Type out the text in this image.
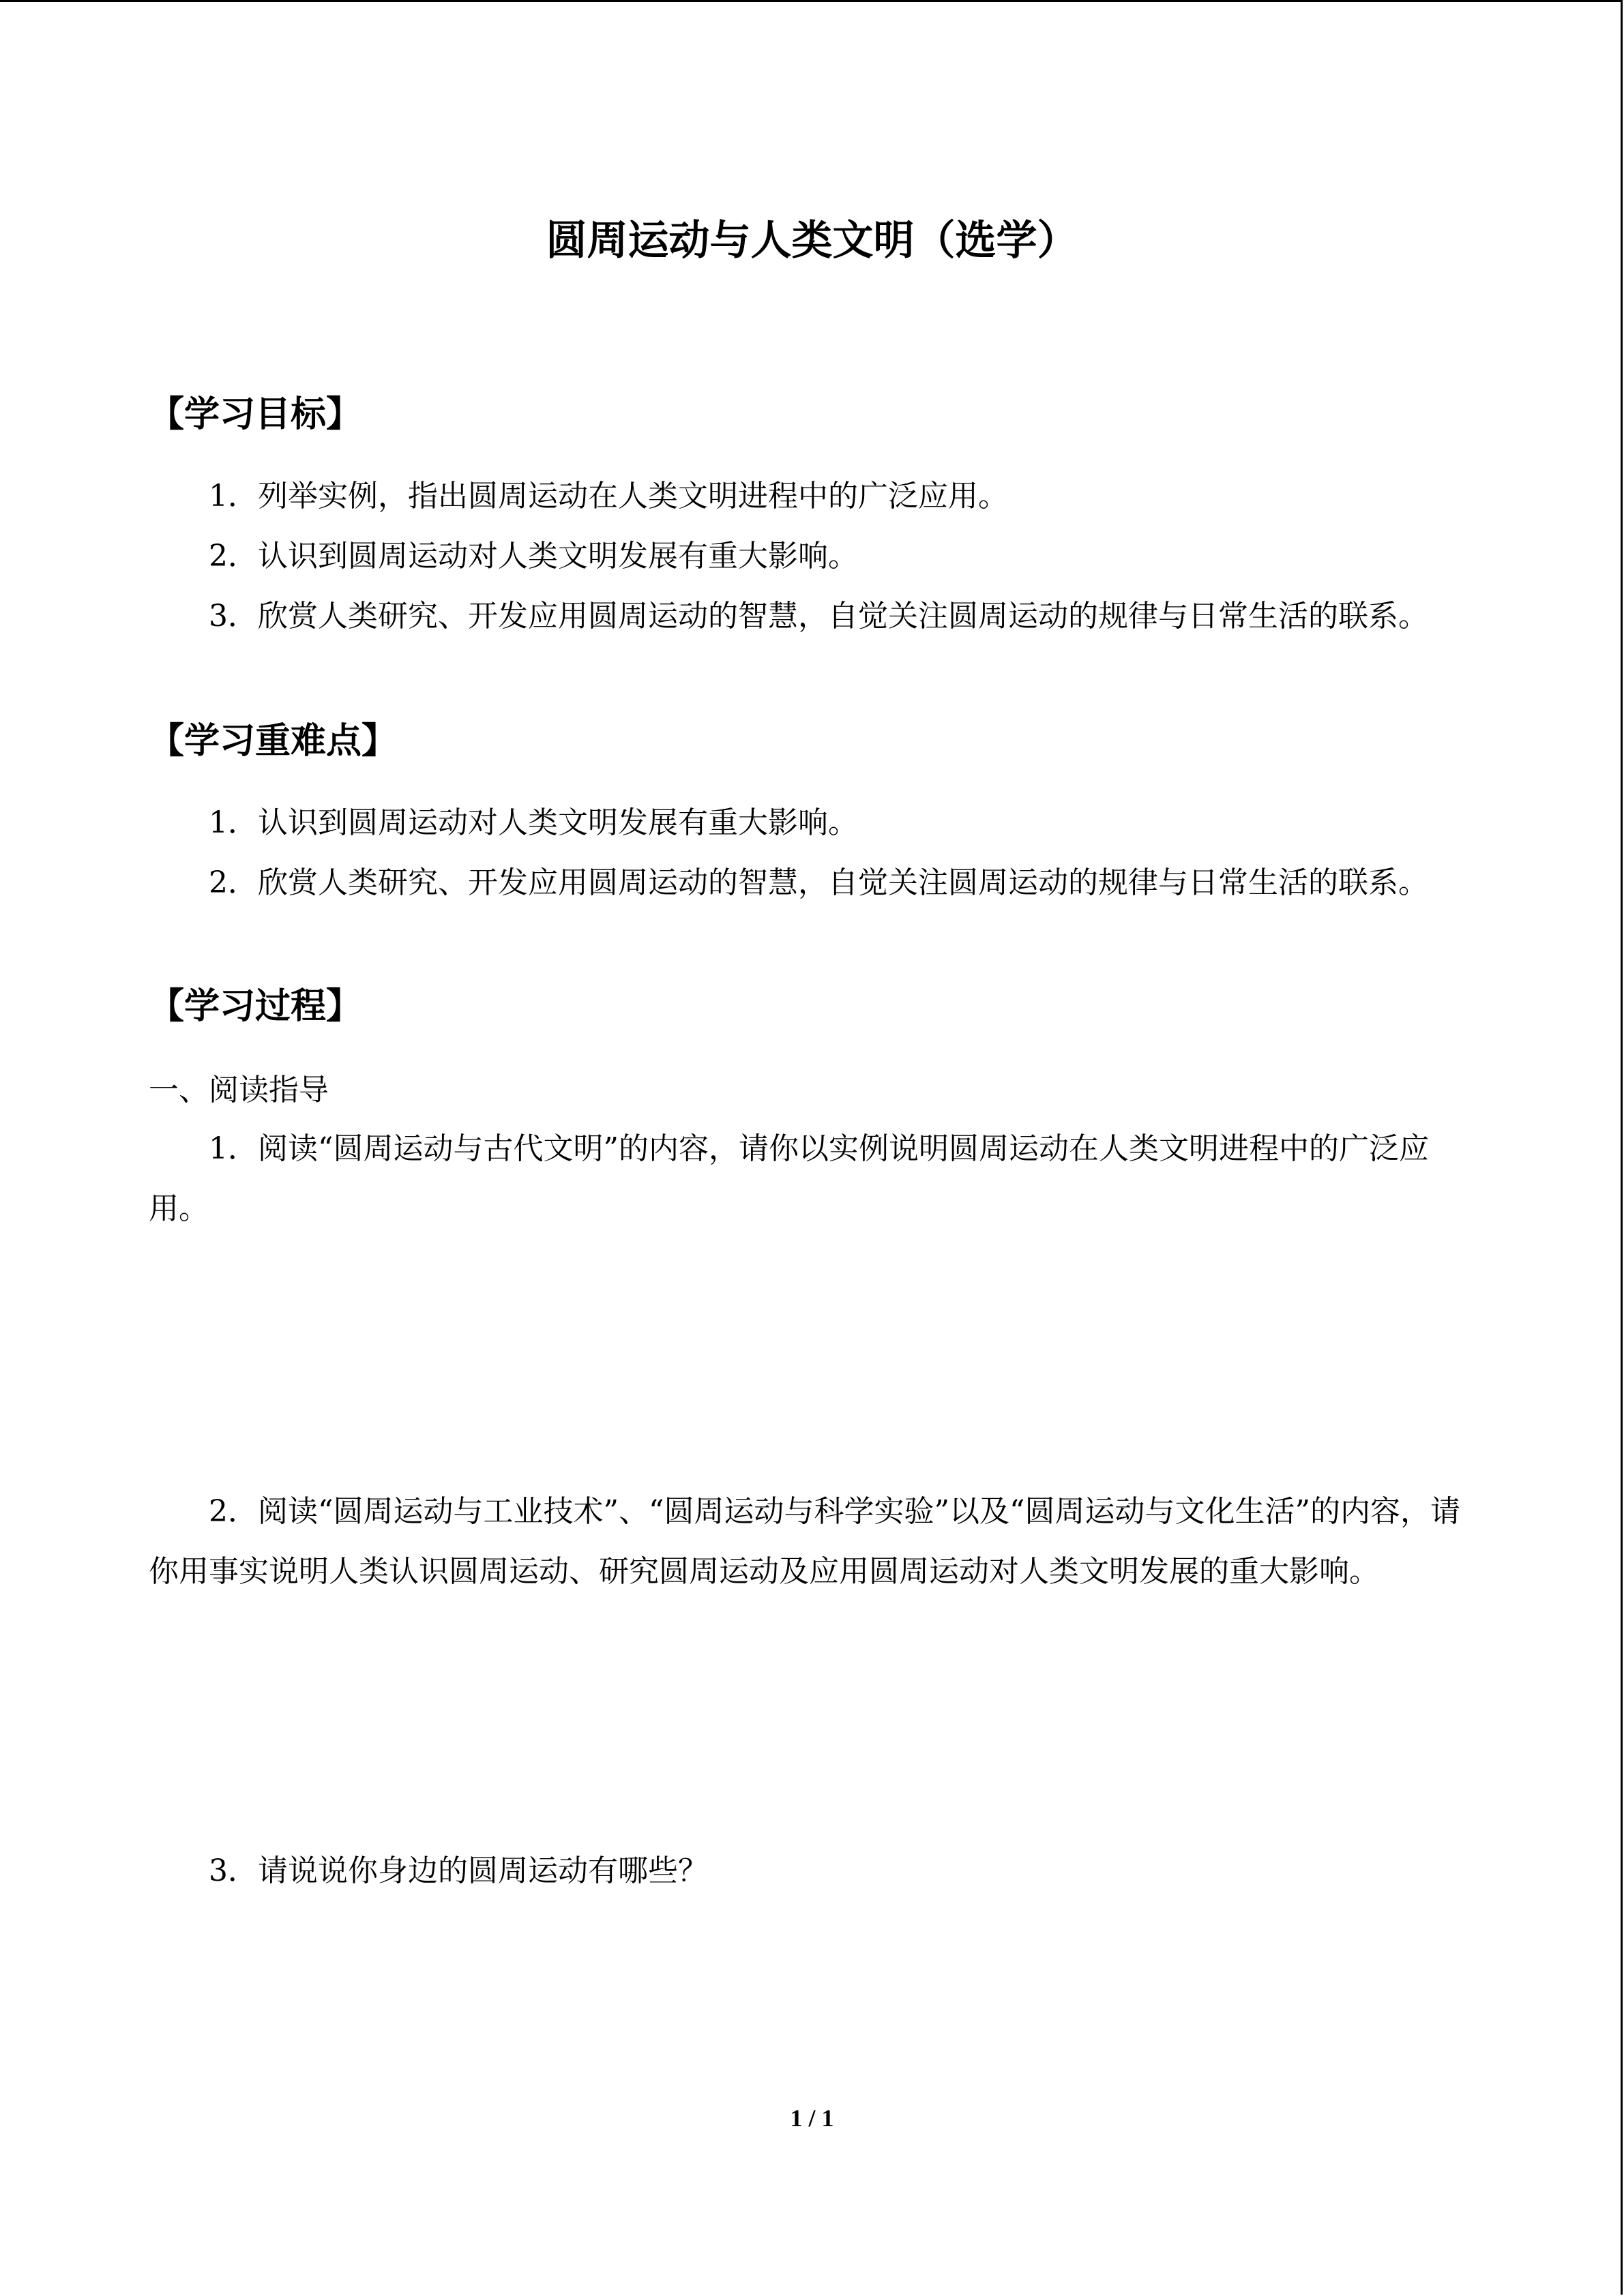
圆周运动与人类文明（选学）
【学习目标】
1．列举实例，指出圆周运动在人类文明进程中的广泛应用。
2．认识到圆周运动对人类文明发展有重大影响。
3．欣赏人类研究、开发应用圆周运动的智慧，自觉关注圆周运动的规律与日常生活的联系。
【学习重难点】
1．认识到圆周运动对人类文明发展有重大影响。
2．欣赏人类研究、开发应用圆周运动的智慧，自觉关注圆周运动的规律与日常生活的联系。
【学习过程】
一、阅读指导
1．阅读“圆周运动与古代文明”的内容，请你以实例说明圆周运动在人类文明进程中的广泛应用。
2．阅读“圆周运动与工业技术”、“圆周运动与科学实验”以及“圆周运动与文化生活”的内容，请你用事实说明人类认识圆周运动、研究圆周运动及应用圆周运动对人类文明发展的重大影响。
3．请说说你身边的圆周运动有哪些？
1 / 1
